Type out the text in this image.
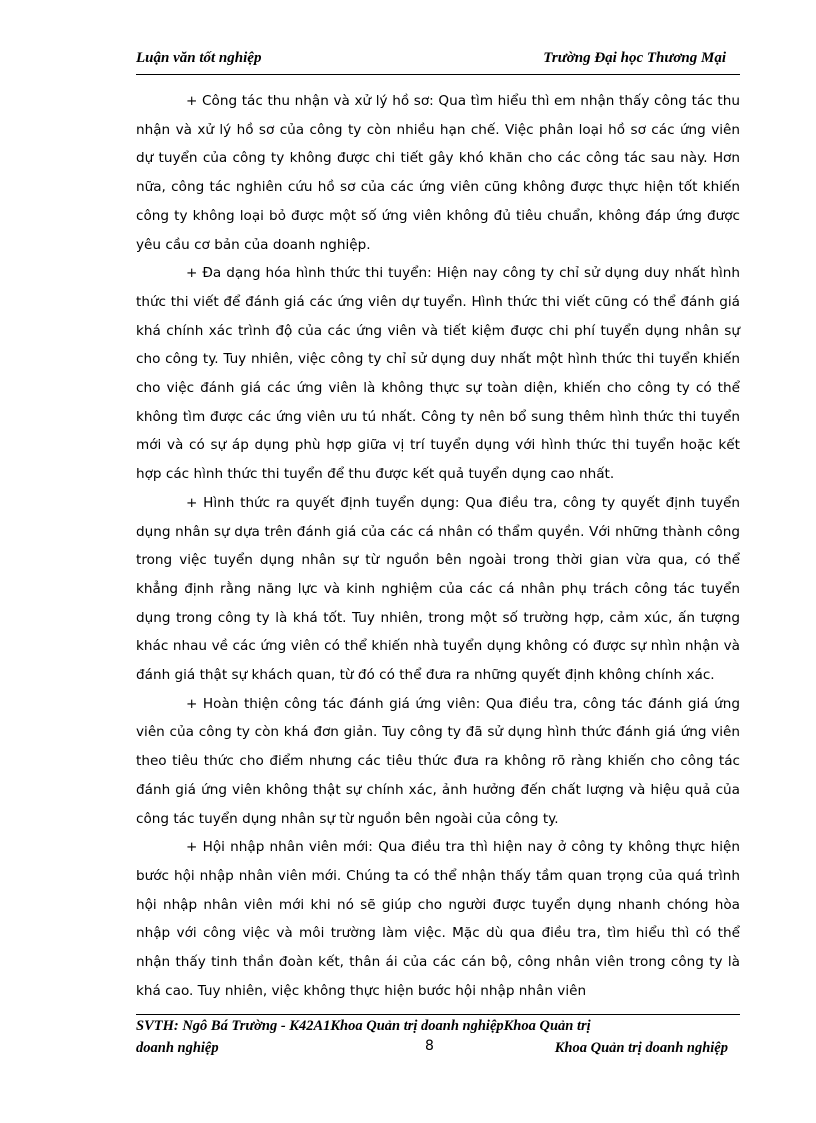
Luận văn tốt nghiệp	Trường Đại học Thương Mại

+ Công tác thu nhận và xử lý hồ sơ: Qua tìm hiểu thì em nhận thấy công tác thu nhận và xử lý hồ sơ của công ty còn nhiều hạn chế. Việc phân loại hồ sơ các ứng viên dự tuyển của công ty không được chi tiết gây khó khăn cho các công tác sau này. Hơn nữa, công tác nghiên cứu hồ sơ của các ứng viên cũng không được thực hiện tốt khiến công ty không loại bỏ được một số ứng viên không đủ tiêu chuẩn, không đáp ứng được yêu cầu cơ bản của doanh nghiệp.

+ Đa dạng hóa hình thức thi tuyển: Hiện nay công ty chỉ sử dụng duy nhất hình thức thi viết để đánh giá các ứng viên dự tuyển. Hình thức thi viết cũng có thể đánh giá khá chính xác trình độ của các ứng viên và tiết kiệm được chi phí tuyển dụng nhân sự cho công ty. Tuy nhiên, việc công ty chỉ sử dụng duy nhất một hình thức thi tuyển khiến cho việc đánh giá các ứng viên là không thực sự toàn diện, khiến cho công ty có thể không tìm được các ứng viên ưu tú nhất. Công ty nên bổ sung thêm hình thức thi tuyển mới và có sự áp dụng phù hợp giữa vị trí tuyển dụng với hình thức thi tuyển hoặc kết hợp các hình thức thi tuyển để thu được kết quả tuyển dụng cao nhất.

+ Hình thức ra quyết định tuyển dụng: Qua điều tra, công ty quyết định tuyển dụng nhân sự dựa trên đánh giá của các cá nhân có thẩm quyền. Với những thành công trong việc tuyển dụng nhân sự từ nguồn bên ngoài trong thời gian vừa qua, có thể khẳng định rằng năng lực và kinh nghiệm của các cá nhân phụ trách công tác tuyển dụng trong công ty là khá tốt. Tuy nhiên, trong một số trường hợp, cảm xúc, ấn tượng khác nhau về các ứng viên có thể khiến nhà tuyển dụng không có được sự nhìn nhận và đánh giá thật sự khách quan, từ đó có thể đưa ra những quyết định không chính xác.

+ Hoàn thiện công tác đánh giá ứng viên: Qua điều tra, công tác đánh giá ứng viên của công ty còn khá đơn giản. Tuy công ty đã sử dụng hình thức đánh giá ứng viên theo tiêu thức cho điểm nhưng các tiêu thức đưa ra không rõ ràng khiến cho công tác đánh giá ứng viên không thật sự chính xác, ảnh hưởng đến chất lượng và hiệu quả của công tác tuyển dụng nhân sự từ nguồn bên ngoài của công ty.

+ Hội nhập nhân viên mới: Qua điều tra thì hiện nay ở công ty không thực hiện bước hội nhập nhân viên mới. Chúng ta có thể nhận thấy tầm quan trọng của quá trình hội nhập nhân viên mới khi nó sẽ giúp cho người được tuyển dụng nhanh chóng hòa nhập với công việc và môi trường làm việc. Mặc dù qua điều tra, tìm hiểu thì có thể nhận thấy tinh thần đoàn kết, thân ái của các cán bộ, công nhân viên trong công ty là khá cao. Tuy nhiên, việc không thực hiện bước hội nhập nhân viên

SVTH: Ngô Bá Trường - K42A1Khoa Quản trị doanh nghiệpKhoa Quản trị
doanh nghiệp	Khoa Quản trị doanh nghiệp
8
